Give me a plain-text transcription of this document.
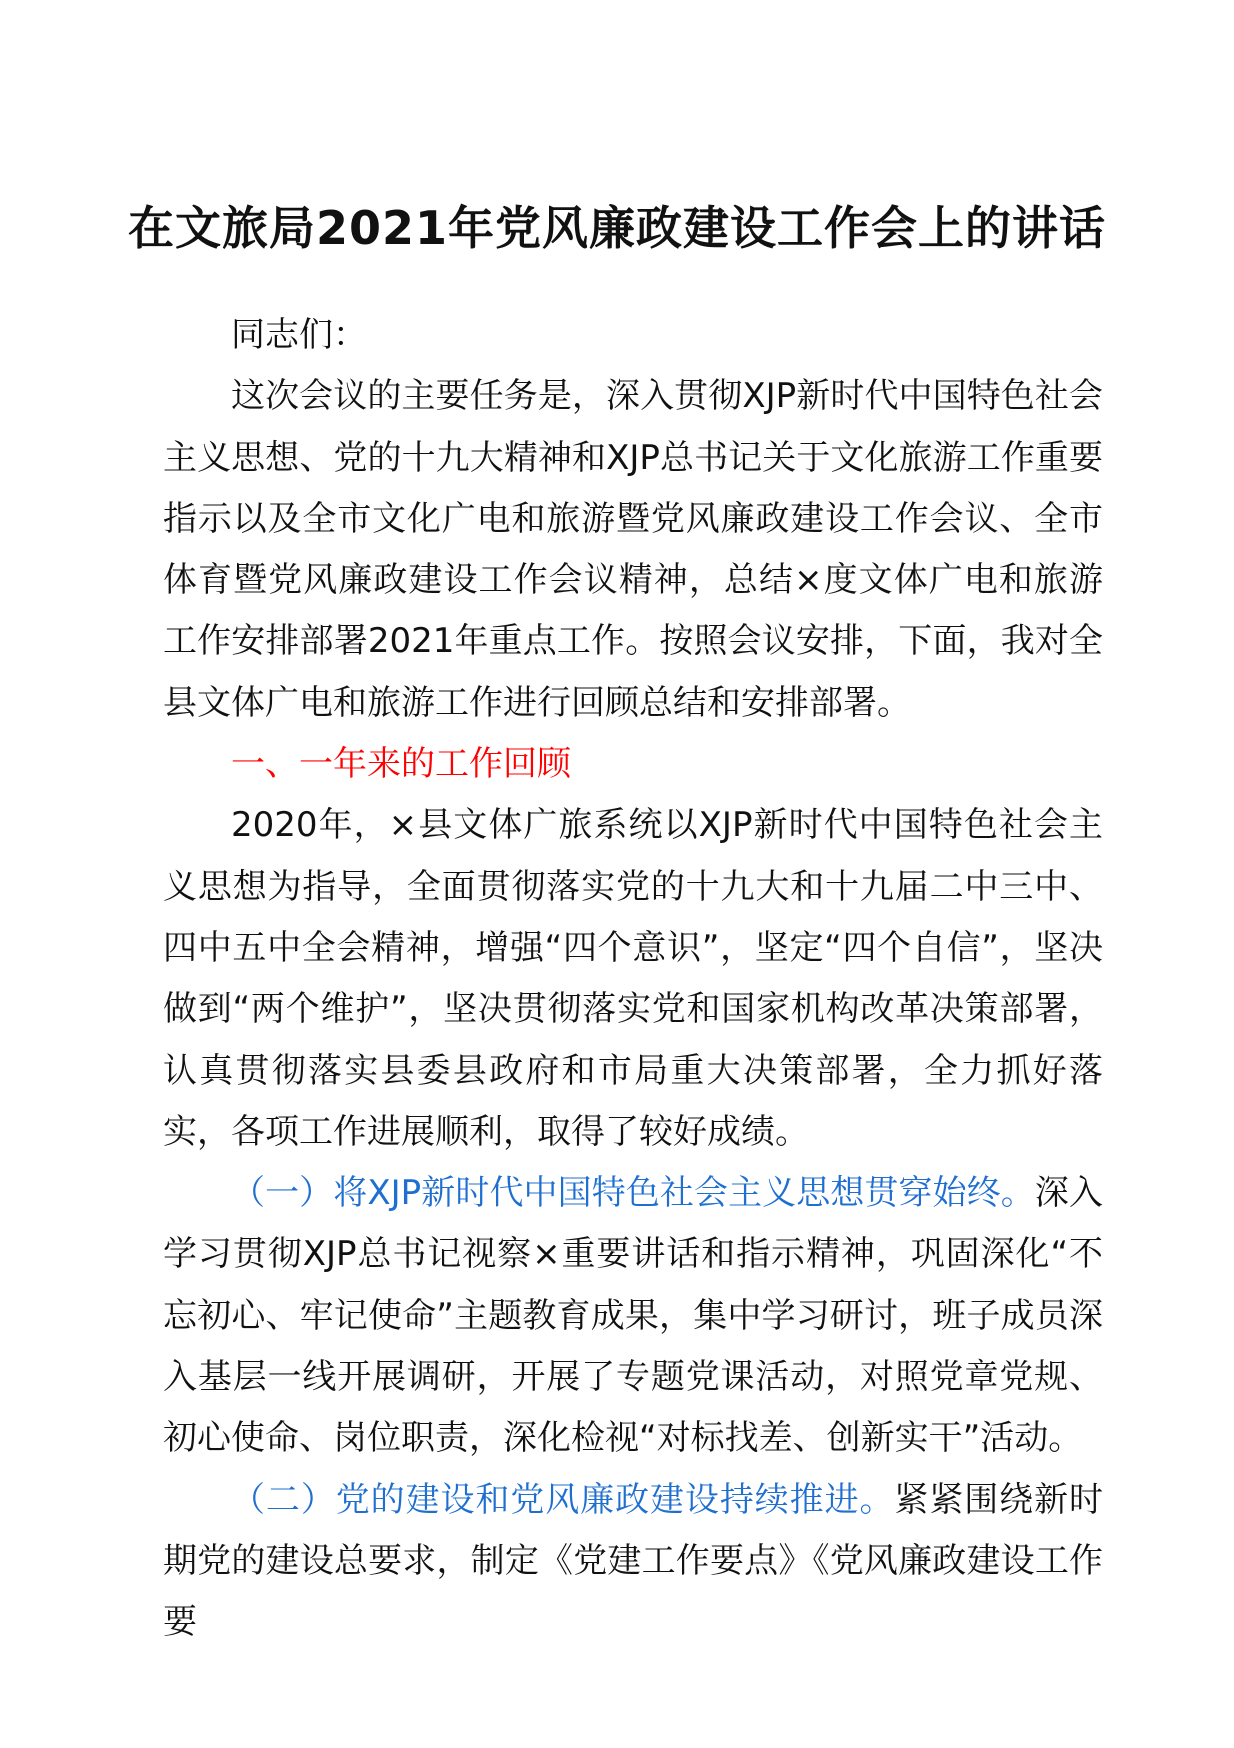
在文旅局2021年党风廉政建设工作会上的讲话

同志们：

这次会议的主要任务是，深入贯彻XJP新时代中国特色社会主义思想、党的十九大精神和XJP总书记关于文化旅游工作重要指示以及全市文化广电和旅游暨党风廉政建设工作会议、全市体育暨党风廉政建设工作会议精神，总结×度文体广电和旅游工作安排部署2021年重点工作。按照会议安排，下面，我对全县文体广电和旅游工作进行回顾总结和安排部署。

一、一年来的工作回顾

2020年，×县文体广旅系统以XJP新时代中国特色社会主义思想为指导，全面贯彻落实党的十九大和十九届二中三中、四中五中全会精神，增强“四个意识”，坚定“四个自信”，坚决做到“两个维护”，坚决贯彻落实党和国家机构改革决策部署，认真贯彻落实县委县政府和市局重大决策部署，全力抓好落实，各项工作进展顺利，取得了较好成绩。

（一）将XJP新时代中国特色社会主义思想贯穿始终。深入学习贯彻XJP总书记视察×重要讲话和指示精神，巩固深化“不忘初心、牢记使命”主题教育成果，集中学习研讨，班子成员深入基层一线开展调研，开展了专题党课活动，对照党章党规、初心使命、岗位职责，深化检视“对标找差、创新实干”活动。

（二）党的建设和党风廉政建设持续推进。紧紧围绕新时期党的建设总要求，制定《党建工作要点》《党风廉政建设工作要
